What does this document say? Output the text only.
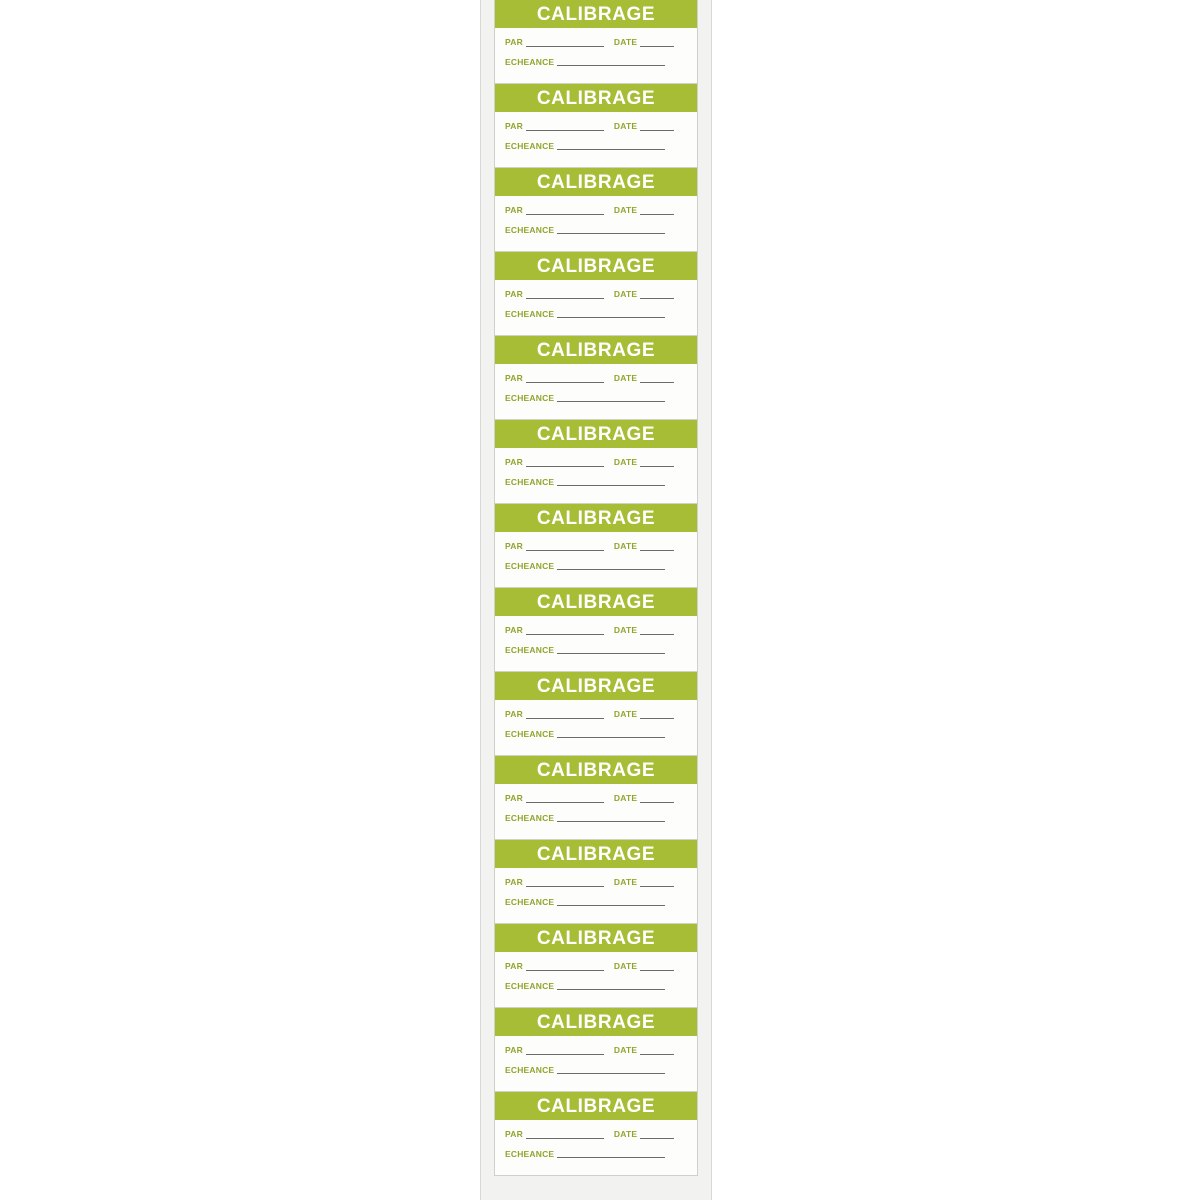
CALIBRAGE
PAR	DATE
ECHEANCE
CALIBRAGE
PAR	DATE
ECHEANCE
CALIBRAGE
PAR	DATE
ECHEANCE
CALIBRAGE
PAR	DATE
ECHEANCE
CALIBRAGE
PAR	DATE
ECHEANCE
CALIBRAGE
PAR	DATE
ECHEANCE
CALIBRAGE
PAR	DATE
ECHEANCE
CALIBRAGE
PAR	DATE
ECHEANCE
CALIBRAGE
PAR	DATE
ECHEANCE
CALIBRAGE
PAR	DATE
ECHEANCE
CALIBRAGE
PAR	DATE
ECHEANCE
CALIBRAGE
PAR	DATE
ECHEANCE
CALIBRAGE
PAR	DATE
ECHEANCE
CALIBRAGE
PAR	DATE
ECHEANCE
